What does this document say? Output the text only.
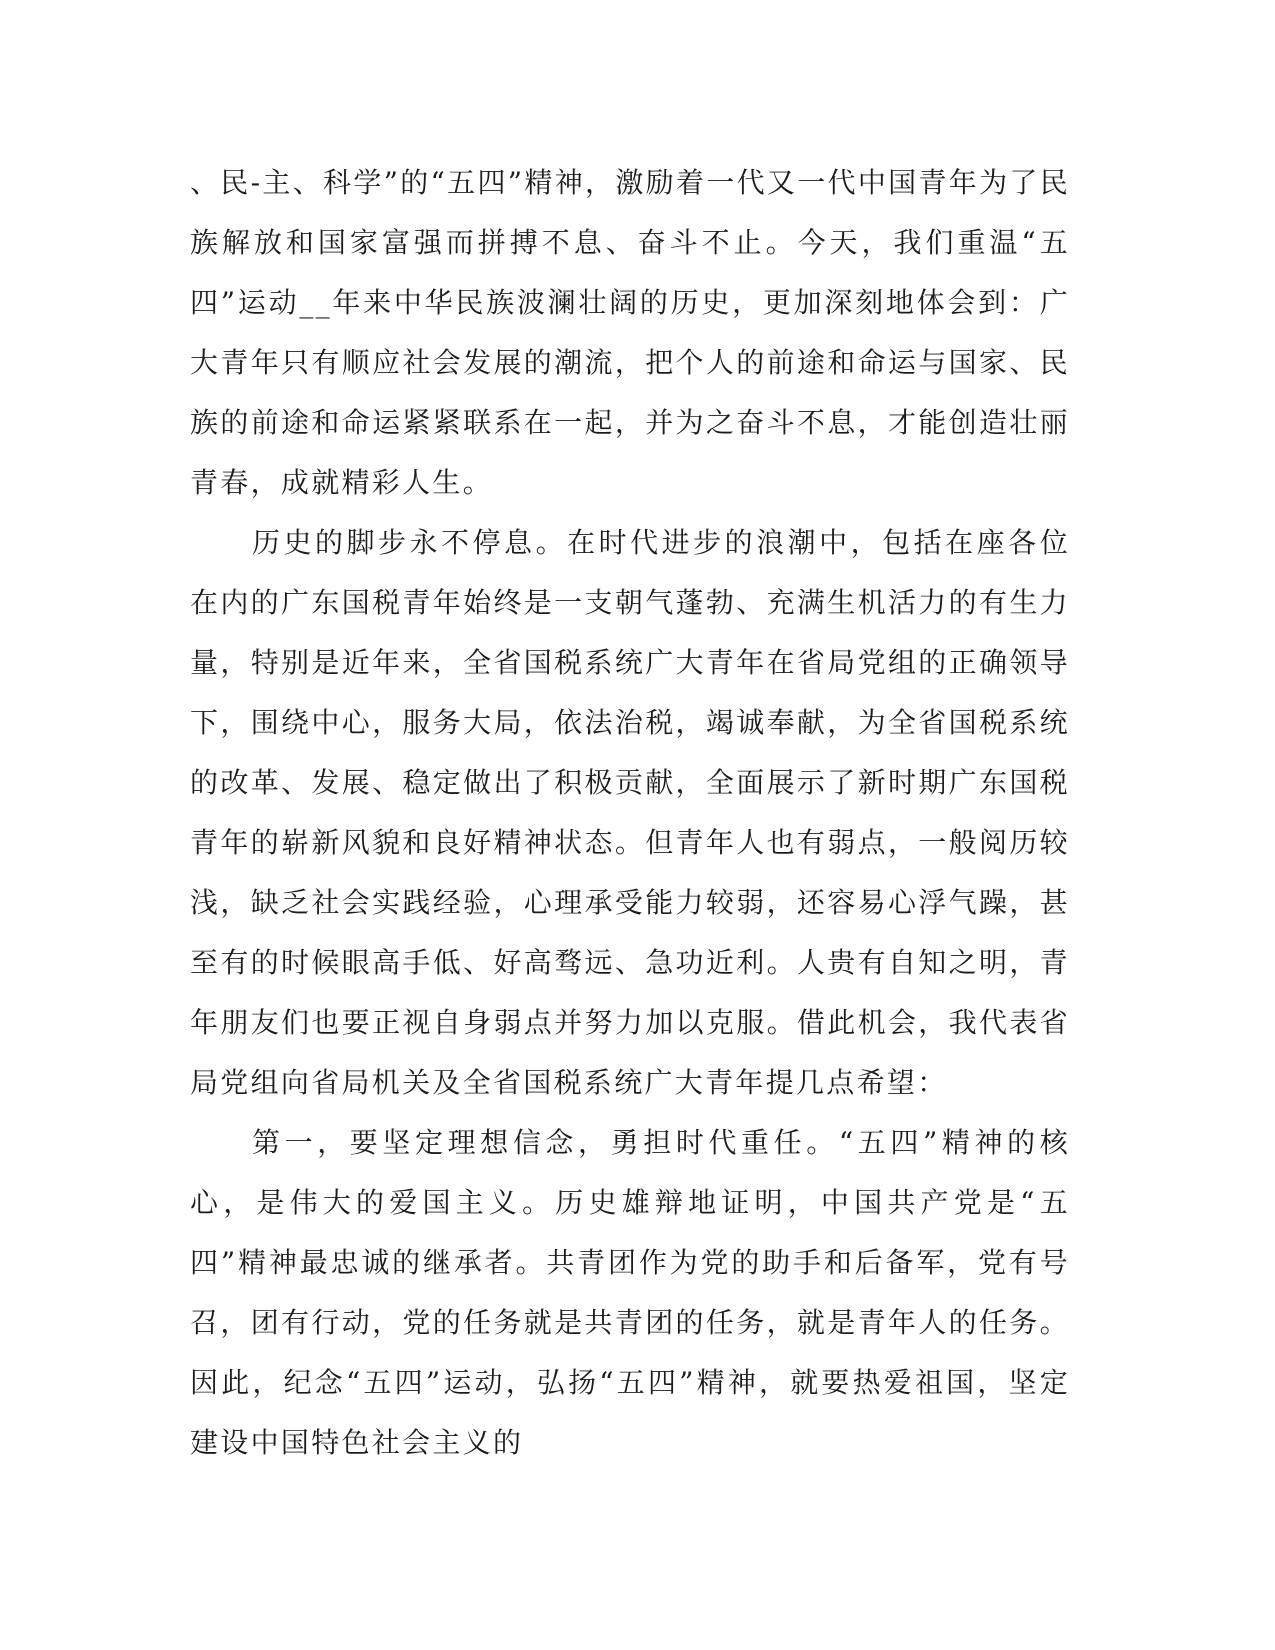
、民-主、科学”的“五四”精神，激励着一代又一代中国青年为了民族解放和国家富强而拼搏不息、奋斗不止。今天，我们重温“五四”运动__年来中华民族波澜壮阔的历史，更加深刻地体会到：广大青年只有顺应社会发展的潮流，把个人的前途和命运与国家、民族的前途和命运紧紧联系在一起，并为之奋斗不息，才能创造壮丽青春，成就精彩人生。

历史的脚步永不停息。在时代进步的浪潮中，包括在座各位在内的广东国税青年始终是一支朝气蓬勃、充满生机活力的有生力量，特别是近年来，全省国税系统广大青年在省局党组的正确领导下，围绕中心，服务大局，依法治税，竭诚奉献，为全省国税系统的改革、发展、稳定做出了积极贡献，全面展示了新时期广东国税青年的崭新风貌和良好精神状态。但青年人也有弱点，一般阅历较浅，缺乏社会实践经验，心理承受能力较弱，还容易心浮气躁，甚至有的时候眼高手低、好高骛远、急功近利。人贵有自知之明，青年朋友们也要正视自身弱点并努力加以克服。借此机会，我代表省局党组向省局机关及全省国税系统广大青年提几点希望：

第一，要坚定理想信念，勇担时代重任。“五四”精神的核心，是伟大的爱国主义。历史雄辩地证明，中国共产党是“五四”精神最忠诚的继承者。共青团作为党的助手和后备军，党有号召，团有行动，党的任务就是共青团的任务，就是青年人的任务。因此，纪念“五四”运动，弘扬“五四”精神，就要热爱祖国，坚定建设中国特色社会主义的
